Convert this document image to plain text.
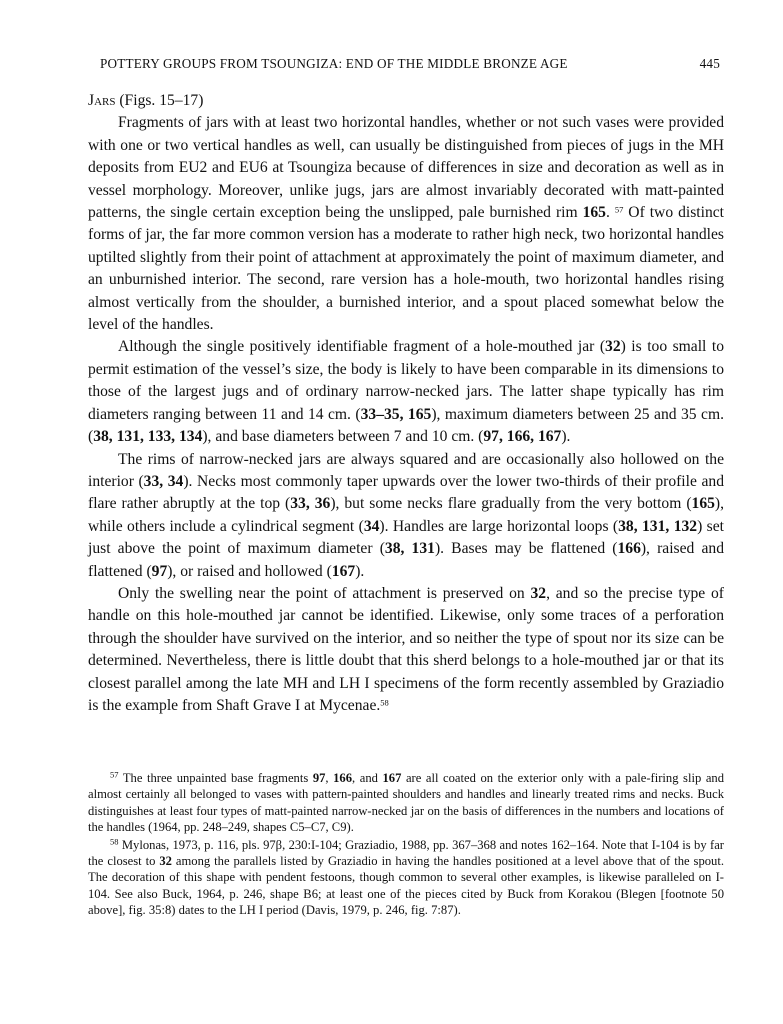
POTTERY GROUPS FROM TSOUNGIZA: END OF THE MIDDLE BRONZE AGE	445

Jars (Figs. 15–17)

Fragments of jars with at least two horizontal handles, whether or not such vases were provided with one or two vertical handles as well, can usually be distinguished from pieces of jugs in the MH deposits from EU2 and EU6 at Tsoungiza because of differences in size and decoration as well as in vessel morphology. Moreover, unlike jugs, jars are almost invariably decorated with matt-painted patterns, the single certain exception being the unslipped, pale burnished rim 165. $^{57}$ Of two distinct forms of jar, the far more common version has a moderate to rather high neck, two horizontal handles uptilted slightly from their point of attachment at approximately the point of maximum diameter, and an unburnished interior. The second, rare version has a hole-mouth, two horizontal handles rising almost vertically from the shoulder, a burnished interior, and a spout placed somewhat below the level of the handles.

Although the single positively identifiable fragment of a hole-mouthed jar (32) is too small to permit estimation of the vessel’s size, the body is likely to have been comparable in its dimensions to those of the largest jugs and of ordinary narrow-necked jars. The latter shape typically has rim diameters ranging between 11 and 14 cm. (33–35, 165), maximum diameters between 25 and 35 cm. (38, 131, 133, 134), and base diameters between 7 and 10 cm. (97, 166, 167).

The rims of narrow-necked jars are always squared and are occasionally also hollowed on the interior (33, 34). Necks most commonly taper upwards over the lower two-thirds of their profile and flare rather abruptly at the top (33, 36), but some necks flare gradually from the very bottom (165), while others include a cylindrical segment (34). Handles are large horizontal loops (38, 131, 132) set just above the point of maximum diameter (38, 131). Bases may be flattened (166), raised and flattened (97), or raised and hollowed (167).

Only the swelling near the point of attachment is preserved on 32, and so the precise type of handle on this hole-mouthed jar cannot be identified. Likewise, only some traces of a perforation through the shoulder have survived on the interior, and so neither the type of spout nor its size can be determined. Nevertheless, there is little doubt that this sherd belongs to a hole-mouthed jar or that its closest parallel among the late MH and LH I specimens of the form recently assembled by Graziadio is the example from Shaft Grave I at Mycenae.$^{58}$

$^{57}$ The three unpainted base fragments 97, 166, and 167 are all coated on the exterior only with a pale-firing slip and almost certainly all belonged to vases with pattern-painted shoulders and handles and linearly treated rims and necks. Buck distinguishes at least four types of matt-painted narrow-necked jar on the basis of differences in the numbers and locations of the handles (1964, pp. 248–249, shapes C5–C7, C9).

$^{58}$ Mylonas, 1973, p. 116, pls. 97β, 230:I-104; Graziadio, 1988, pp. 367–368 and notes 162–164. Note that I-104 is by far the closest to 32 among the parallels listed by Graziadio in having the handles positioned at a level above that of the spout. The decoration of this shape with pendent festoons, though common to several other examples, is likewise paralleled on I-104. See also Buck, 1964, p. 246, shape B6; at least one of the pieces cited by Buck from Korakou (Blegen [footnote 50 above], fig. 35:8) dates to the LH I period (Davis, 1979, p. 246, fig. 7:87).
